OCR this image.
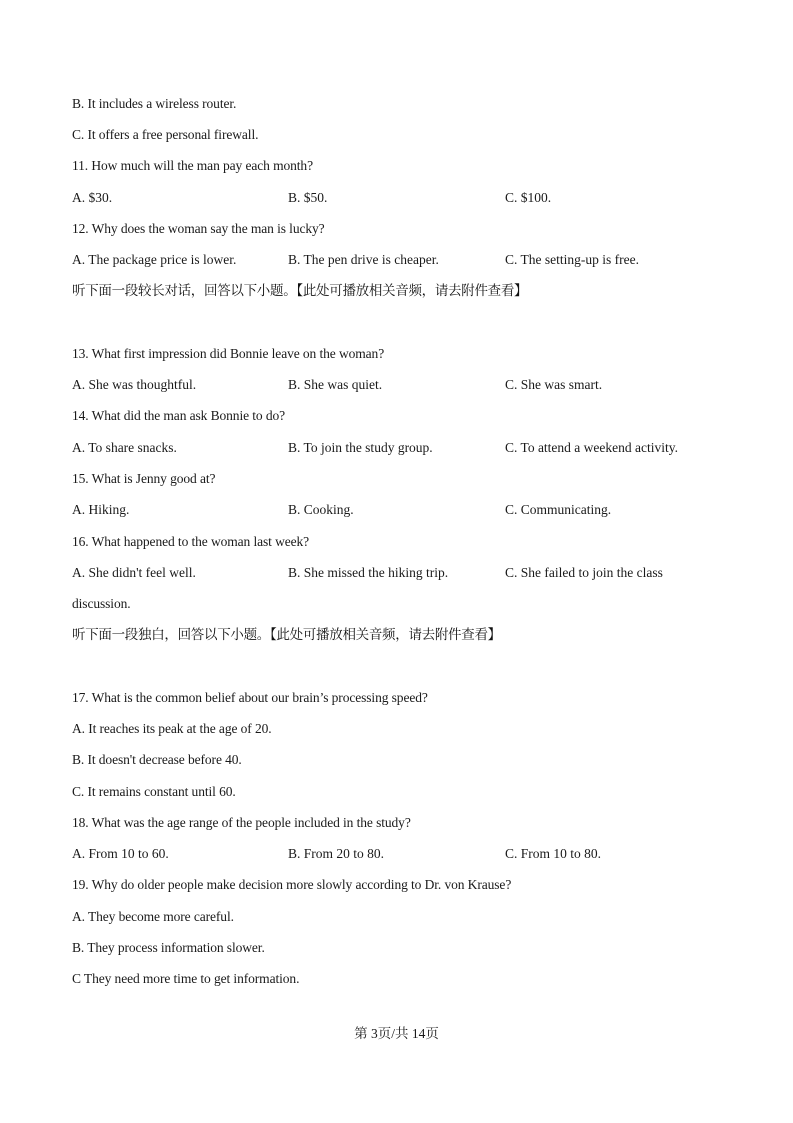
B. It includes a wireless router.
C. It offers a free personal firewall.
11. How much will the man pay each month?
A. $30.	B. $50.	C. $100.
12. Why does the woman say the man is lucky?
A. The package price is lower.	B. The pen drive is cheaper.	C. The setting-up is free.
听下面一段较长对话，回答以下小题。【此处可播放相关音频，请去附件查看】
13. What first impression did Bonnie leave on the woman?
A. She was thoughtful.	B. She was quiet.	C. She was smart.
14. What did the man ask Bonnie to do?
A. To share snacks.	B. To join the study group.	C. To attend a weekend activity.
15. What is Jenny good at?
A. Hiking.	B. Cooking.	C. Communicating.
16. What happened to the woman last week?
A. She didn't feel well.	B. She missed the hiking trip.	C. She failed to join the class
discussion.
听下面一段独白，回答以下小题。【此处可播放相关音频，请去附件查看】
17. What is the common belief about our brain’s processing speed?
A. It reaches its peak at the age of 20.
B. It doesn't decrease before 40.
C. It remains constant until 60.
18. What was the age range of the people included in the study?
A. From 10 to 60.	B. From 20 to 80.	C. From 10 to 80.
19. Why do older people make decision more slowly according to Dr. von Krause?
A. They become more careful.
B. They process information slower.
C They need more time to get information.
第 3页/共 14页
